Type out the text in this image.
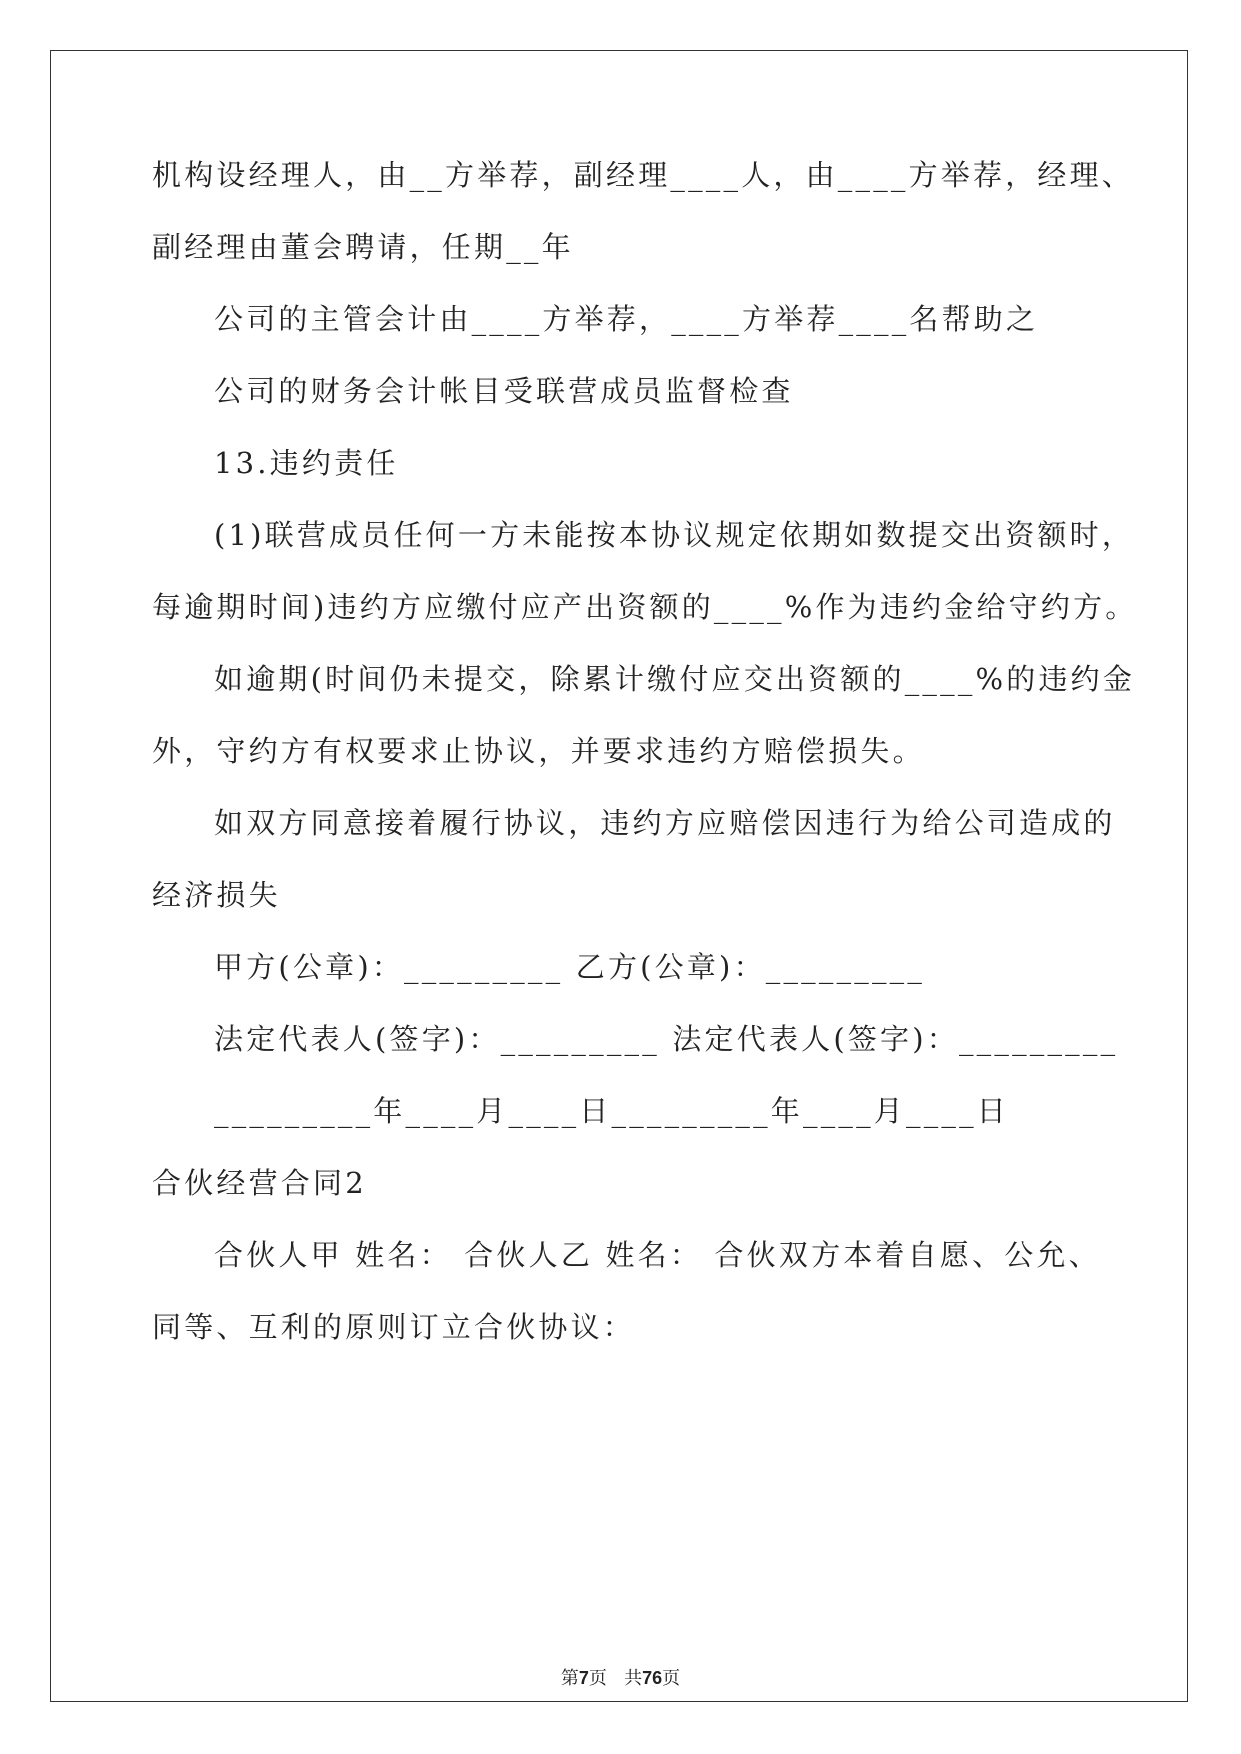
机构设经理人，由__方举荐，副经理____人，由____方举荐，经理、
副经理由董会聘请，任期__年
公司的主管会计由____方举荐，____方举荐____名帮助之
公司的财务会计帐目受联营成员监督检查
13.违约责任
(1)联营成员任何一方未能按本协议规定依期如数提交出资额时，
每逾期时间)违约方应缴付应产出资额的____%作为违约金给守约方。
如逾期(时间仍未提交，除累计缴付应交出资额的____%的违约金
外，守约方有权要求止协议，并要求违约方赔偿损失。
如双方同意接着履行协议，违约方应赔偿因违行为给公司造成的
经济损失
甲方(公章)：_________ 乙方(公章)：_________
法定代表人(签字)：_________ 法定代表人(签字)：_________
_________年____月____日_________年____月____日
合伙经营合同2
合伙人甲 姓名： 合伙人乙 姓名： 合伙双方本着自愿、公允、
同等、互利的原则订立合伙协议：
第7页 共76页
